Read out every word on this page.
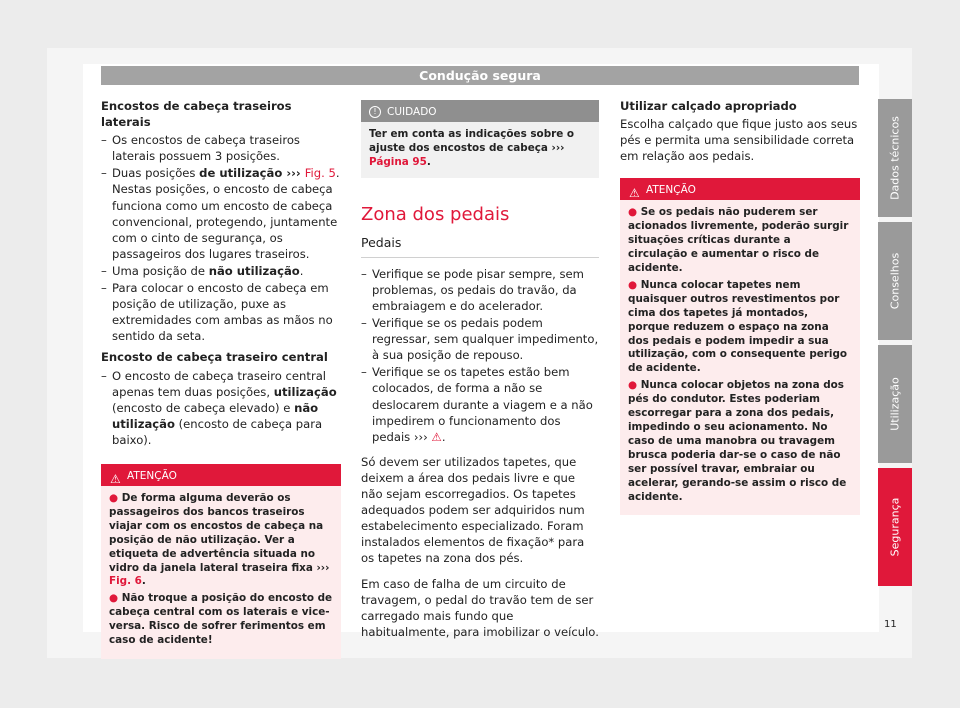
Condução segura
Encostos de cabeça traseiros laterais
– Os encostos de cabeça traseiros laterais possuem 3 posições.
– Duas posições de utilização ››› Fig. 5. Nestas posições, o encosto de cabeça funciona como um encosto de cabeça convencional, protegendo, juntamente com o cinto de segurança, os passageiros dos lugares traseiros.
– Uma posição de não utilização.
– Para colocar o encosto de cabeça em posição de utilização, puxe as extremidades com ambas as mãos no sentido da seta.
Encosto de cabeça traseiro central
– O encosto de cabeça traseiro central apenas tem duas posições, utilização (encosto de cabeça elevado) e não utilização (encosto de cabeça para baixo).
⚠ ATENÇÃO
● De forma alguma deverão os passageiros dos bancos traseiros viajar com os encostos de cabeça na posição de não utilização. Ver a etiqueta de advertência situada no vidro da janela lateral traseira fixa ››› Fig. 6.
● Não troque a posição do encosto de cabeça central com os laterais e vice-versa. Risco de sofrer ferimentos em caso de acidente!
! CUIDADO
Ter em conta as indicações sobre o ajuste dos encostos de cabeça ››› Página 95.
Zona dos pedais
Pedais
– Verifique se pode pisar sempre, sem problemas, os pedais do travão, da embraiagem e do acelerador.
– Verifique se os pedais podem regressar, sem qualquer impedimento, à sua posição de repouso.
– Verifique se os tapetes estão bem colocados, de forma a não se deslocarem durante a viagem e a não impedirem o funcionamento dos pedais ››› ⚠.
Só devem ser utilizados tapetes, que deixem a área dos pedais livre e que não sejam escorregadios. Os tapetes adequados podem ser adquiridos num estabelecimento especializado. Foram instalados elementos de fixação* para os tapetes na zona dos pés.
Em caso de falha de um circuito de travagem, o pedal do travão tem de ser carregado mais fundo que habitualmente, para imobilizar o veículo.
Utilizar calçado apropriado
Escolha calçado que fique justo aos seus pés e permita uma sensibilidade correta em relação aos pedais.
⚠ ATENÇÃO
● Se os pedais não puderem ser acionados livremente, poderão surgir situações críticas durante a circulação e aumentar o risco de acidente.
● Nunca colocar tapetes nem quaisquer outros revestimentos por cima dos tapetes já montados, porque reduzem o espaço na zona dos pedais e podem impedir a sua utilização, com o consequente perigo de acidente.
● Nunca colocar objetos na zona dos pés do condutor. Estes poderiam escorregar para a zona dos pedais, impedindo o seu acionamento. No caso de uma manobra ou travagem brusca poderia dar-se o caso de não ser possível travar, embraiar ou acelerar, gerando-se assim o risco de acidente.
Dados técnicos
Conselhos
Utilização
Segurança
11
